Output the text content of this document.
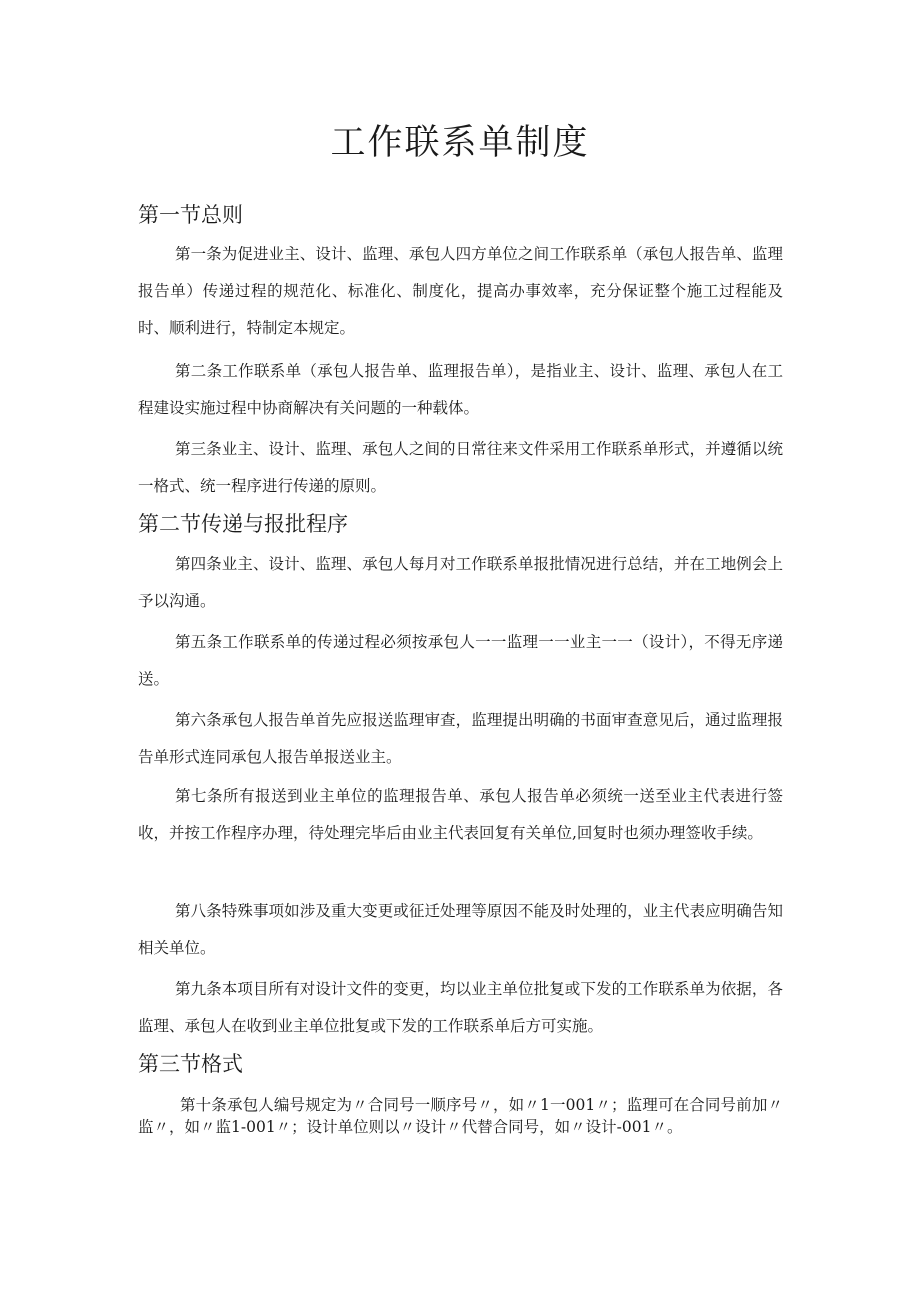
工作联系单制度
第一节总则
第一条为促进业主、设计、监理、承包人四方单位之间工作联系单（承包人报告单、监理报告单）传递过程的规范化、标准化、制度化，提高办事效率，充分保证整个施工过程能及时、顺利进行，特制定本规定。
第二条工作联系单（承包人报告单、监理报告单），是指业主、设计、监理、承包人在工程建设实施过程中协商解决有关问题的一种载体。
第三条业主、设计、监理、承包人之间的日常往来文件采用工作联系单形式，并遵循以统一格式、统一程序进行传递的原则。
第二节传递与报批程序
第四条业主、设计、监理、承包人每月对工作联系单报批情况进行总结，并在工地例会上予以沟通。
第五条工作联系单的传递过程必须按承包人一一监理一一业主一一（设计），不得无序递送。
第六条承包人报告单首先应报送监理审查，监理提出明确的书面审查意见后，通过监理报告单形式连同承包人报告单报送业主。
第七条所有报送到业主单位的监理报告单、承包人报告单必须统一送至业主代表进行签收，并按工作程序办理，待处理完毕后由业主代表回复有关单位,回复时也须办理签收手续。
第八条特殊事项如涉及重大变更或征迁处理等原因不能及时处理的，业主代表应明确告知相关单位。
第九条本项目所有对设计文件的变更，均以业主单位批复或下发的工作联系单为依据，各监理、承包人在收到业主单位批复或下发的工作联系单后方可实施。
第三节格式
第十条承包人编号规定为〃合同号一顺序号〃，如〃1一001〃；监理可在合同号前加〃监〃，如〃监1-001〃；设计单位则以〃设计〃代替合同号，如〃设计-001〃。
